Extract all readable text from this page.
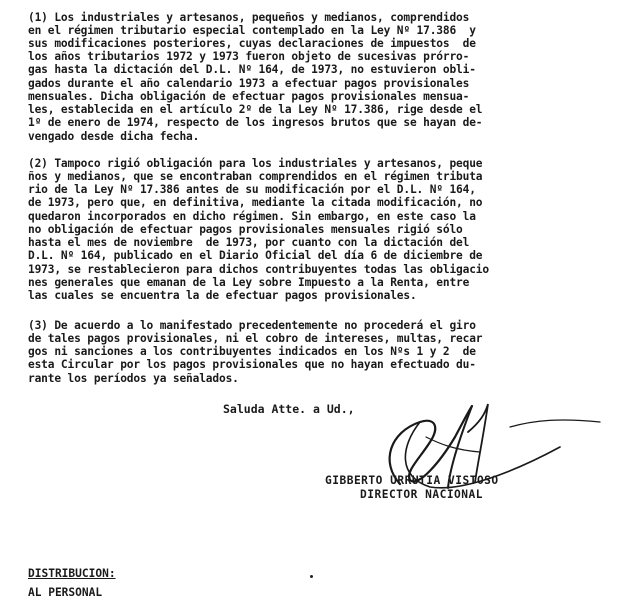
(1) Los industriales y artesanos, pequeños y medianos, comprendidos
en el régimen tributario especial contemplado en la Ley Nº 17.386  y
sus modificaciones posteriores, cuyas declaraciones de impuestos  de
los años tributarios 1972 y 1973 fueron objeto de sucesivas prórro-
gas hasta la dictación del D.L. Nº 164, de 1973, no estuvieron obli-
gados durante el año calendario 1973 a efectuar pagos provisionales
mensuales. Dicha obligación de efectuar pagos provisionales mensua-
les, establecida en el artículo 2º de la Ley Nº 17.386, rige desde el
1º de enero de 1974, respecto de los ingresos brutos que se hayan de-
vengado desde dicha fecha.
(2) Tampoco rigió obligación para los industriales y artesanos, peque
ños y medianos, que se encontraban comprendidos en el régimen tributa
rio de la Ley Nº 17.386 antes de su modificación por el D.L. Nº 164,
de 1973, pero que, en definitiva, mediante la citada modificación, no
quedaron incorporados en dicho régimen. Sin embargo, en este caso la
no obligación de efectuar pagos provisionales mensuales rigió sólo
hasta el mes de noviembre  de 1973, por cuanto con la dictación del
D.L. Nº 164, publicado en el Diario Oficial del día 6 de diciembre de
1973, se restablecieron para dichos contribuyentes todas las obligacio
nes generales que emanan de la Ley sobre Impuesto a la Renta, entre
las cuales se encuentra la de efectuar pagos provisionales.
(3) De acuerdo a lo manifestado precedentemente no procederá el giro
de tales pagos provisionales, ni el cobro de intereses, multas, recar
gos ni sanciones a los contribuyentes indicados en los Nºs 1 y 2  de
esta Circular por los pagos provisionales que no hayan efectuado du-
rante los períodos ya señalados.
Saluda Atte. a Ud.,
GIBBERTO URRUTIA VISTOSO
DIRECTOR NACIONAL
DISTRIBUCION:
AL PERSONAL
